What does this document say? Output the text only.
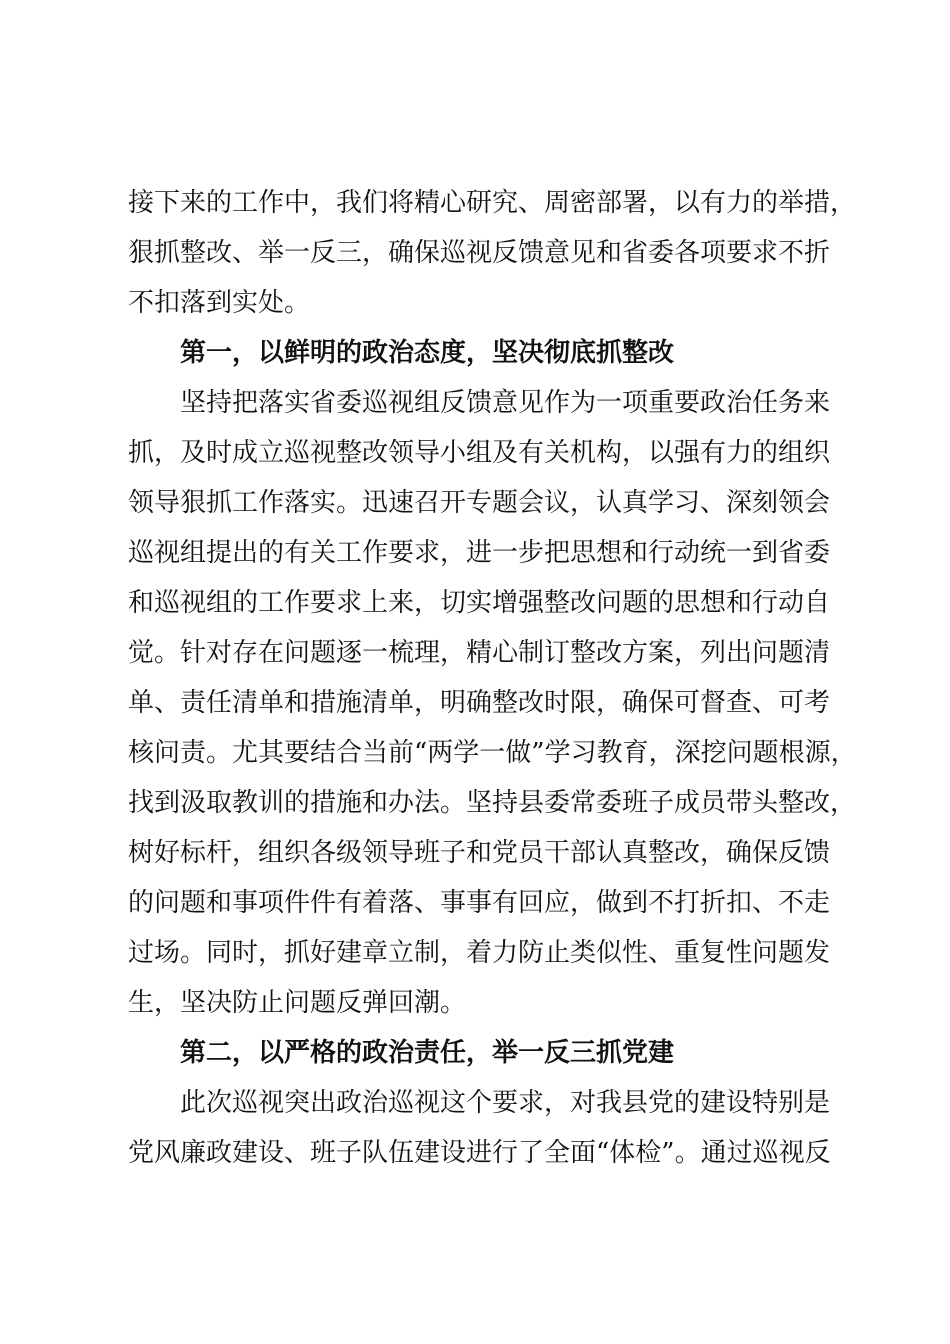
接下来的工作中，我们将精心研究、周密部署，以有力的举措，
狠抓整改、举一反三，确保巡视反馈意见和省委各项要求不折
不扣落到实处。
第一，以鲜明的政治态度，坚决彻底抓整改
坚持把落实省委巡视组反馈意见作为一项重要政治任务来
抓，及时成立巡视整改领导小组及有关机构，以强有力的组织
领导狠抓工作落实。迅速召开专题会议，认真学习、深刻领会
巡视组提出的有关工作要求，进一步把思想和行动统一到省委
和巡视组的工作要求上来，切实增强整改问题的思想和行动自
觉。针对存在问题逐一梳理，精心制订整改方案，列出问题清
单、责任清单和措施清单，明确整改时限，确保可督查、可考
核问责。尤其要结合当前“两学一做”学习教育，深挖问题根源，
找到汲取教训的措施和办法。坚持县委常委班子成员带头整改，
树好标杆，组织各级领导班子和党员干部认真整改，确保反馈
的问题和事项件件有着落、事事有回应，做到不打折扣、不走
过场。同时，抓好建章立制，着力防止类似性、重复性问题发
生，坚决防止问题反弹回潮。
第二，以严格的政治责任，举一反三抓党建
此次巡视突出政治巡视这个要求，对我县党的建设特别是
党风廉政建设、班子队伍建设进行了全面“体检”。通过巡视反
